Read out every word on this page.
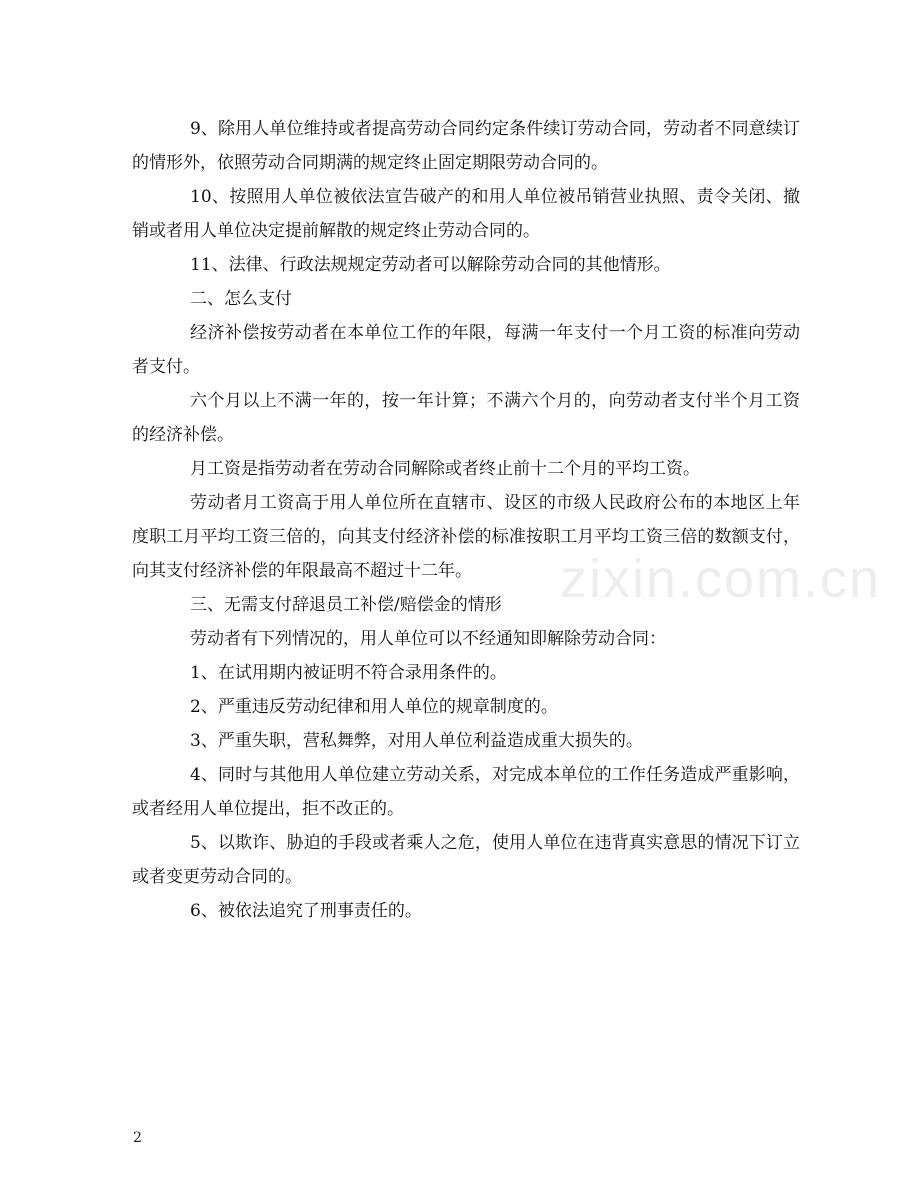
zixin.com.cn

9、除用人单位维持或者提高劳动合同约定条件续订劳动合同，劳动者不同意续订的情形外，依照劳动合同期满的规定终止固定期限劳动合同的。

10、按照用人单位被依法宣告破产的和用人单位被吊销营业执照、责令关闭、撤销或者用人单位决定提前解散的规定终止劳动合同的。

11、法律、行政法规规定劳动者可以解除劳动合同的其他情形。

二、怎么支付

经济补偿按劳动者在本单位工作的年限，每满一年支付一个月工资的标准向劳动者支付。

六个月以上不满一年的，按一年计算；不满六个月的，向劳动者支付半个月工资的经济补偿。

月工资是指劳动者在劳动合同解除或者终止前十二个月的平均工资。

劳动者月工资高于用人单位所在直辖市、设区的市级人民政府公布的本地区上年度职工月平均工资三倍的，向其支付经济补偿的标准按职工月平均工资三倍的数额支付，向其支付经济补偿的年限最高不超过十二年。

三、无需支付辞退员工补偿/赔偿金的情形

劳动者有下列情况的，用人单位可以不经通知即解除劳动合同：

1、在试用期内被证明不符合录用条件的。

2、严重违反劳动纪律和用人单位的规章制度的。

3、严重失职，营私舞弊，对用人单位利益造成重大损失的。

4、同时与其他用人单位建立劳动关系，对完成本单位的工作任务造成严重影响，或者经用人单位提出，拒不改正的。

5、以欺诈、胁迫的手段或者乘人之危，使用人单位在违背真实意思的情况下订立或者变更劳动合同的。

6、被依法追究了刑事责任的。

2
